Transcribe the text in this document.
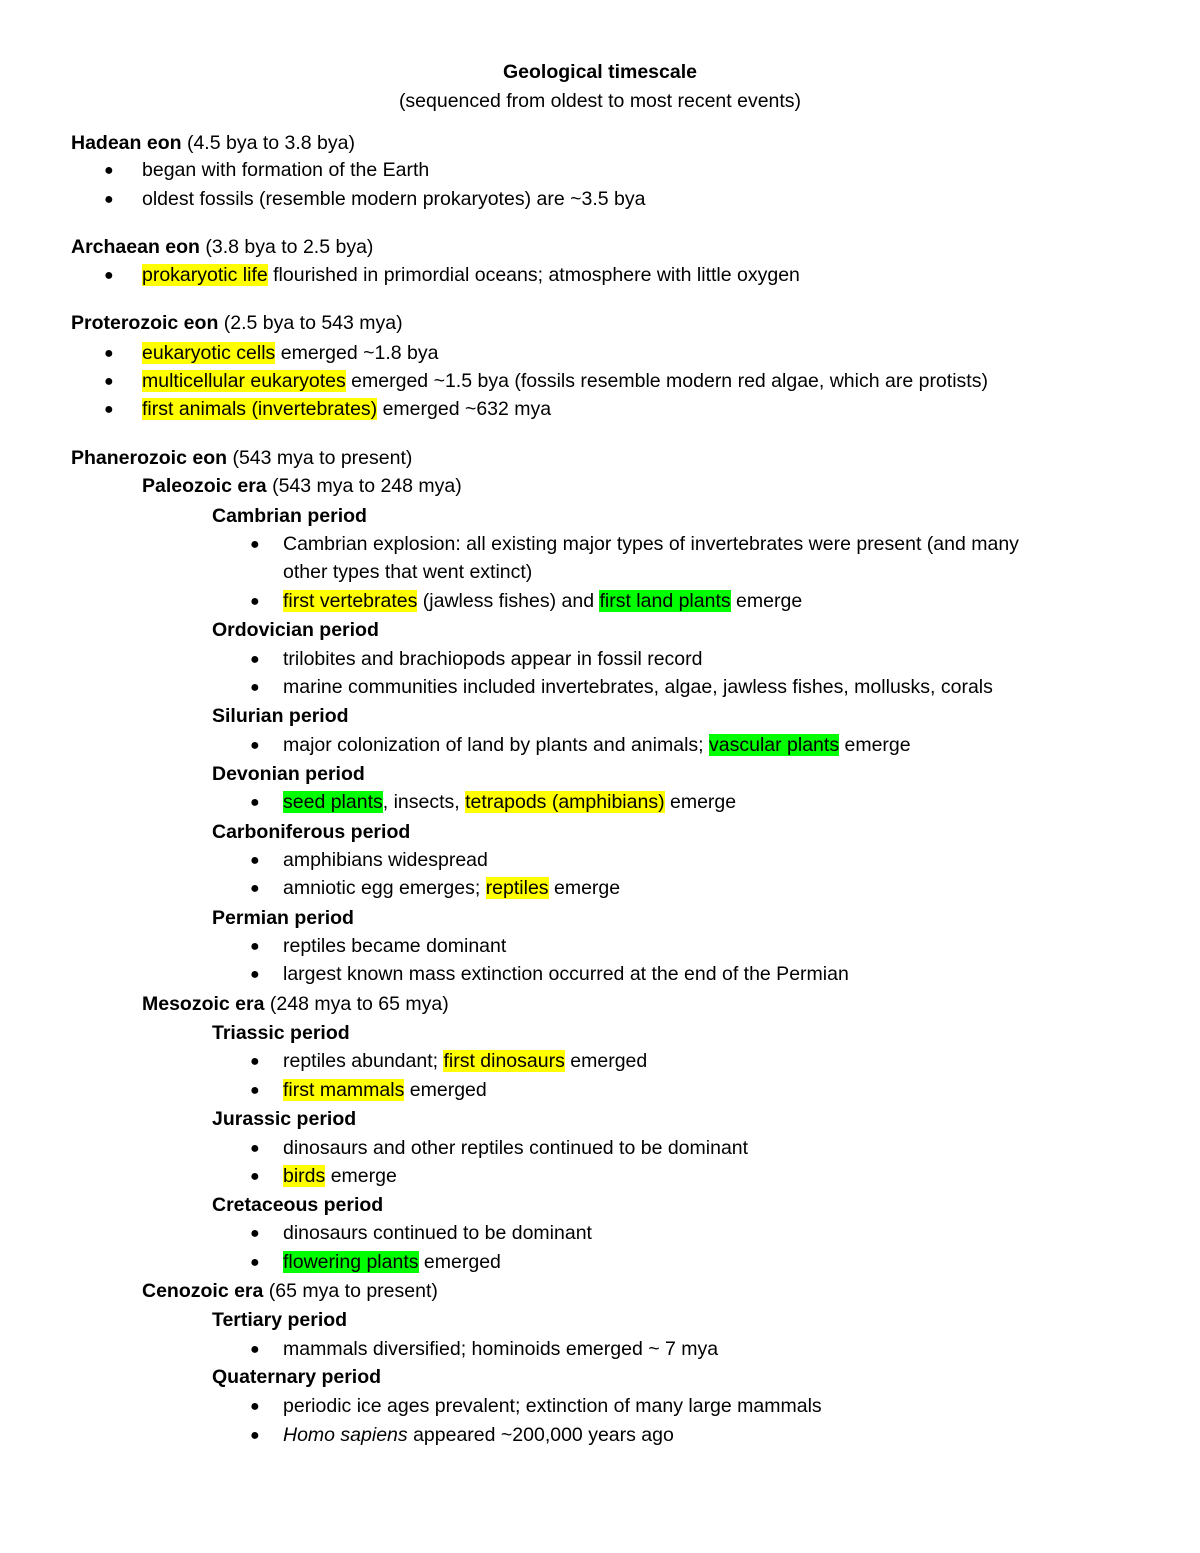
Geological timescale
(sequenced from oldest to most recent events)
Hadean eon (4.5 bya to 3.8 bya)
● began with formation of the Earth
● oldest fossils (resemble modern prokaryotes) are ~3.5 bya
Archaean eon (3.8 bya to 2.5 bya)
● prokaryotic life flourished in primordial oceans; atmosphere with little oxygen
Proterozoic eon (2.5 bya to 543 mya)
● eukaryotic cells emerged ~1.8 bya
● multicellular eukaryotes emerged ~1.5 bya (fossils resemble modern red algae, which are protists)
● first animals (invertebrates) emerged ~632 mya
Phanerozoic eon (543 mya to present)
Paleozoic era (543 mya to 248 mya)
Cambrian period
● Cambrian explosion: all existing major types of invertebrates were present (and many
other types that went extinct)
● first vertebrates (jawless fishes) and first land plants emerge
Ordovician period
● trilobites and brachiopods appear in fossil record
● marine communities included invertebrates, algae, jawless fishes, mollusks, corals
Silurian period
● major colonization of land by plants and animals; vascular plants emerge
Devonian period
● seed plants, insects, tetrapods (amphibians) emerge
Carboniferous period
● amphibians widespread
● amniotic egg emerges; reptiles emerge
Permian period
● reptiles became dominant
● largest known mass extinction occurred at the end of the Permian
Mesozoic era (248 mya to 65 mya)
Triassic period
● reptiles abundant; first dinosaurs emerged
● first mammals emerged
Jurassic period
● dinosaurs and other reptiles continued to be dominant
● birds emerge
Cretaceous period
● dinosaurs continued to be dominant
● flowering plants emerged
Cenozoic era (65 mya to present)
Tertiary period
● mammals diversified; hominoids emerged ~ 7 mya
Quaternary period
● periodic ice ages prevalent; extinction of many large mammals
● Homo sapiens appeared ~200,000 years ago
